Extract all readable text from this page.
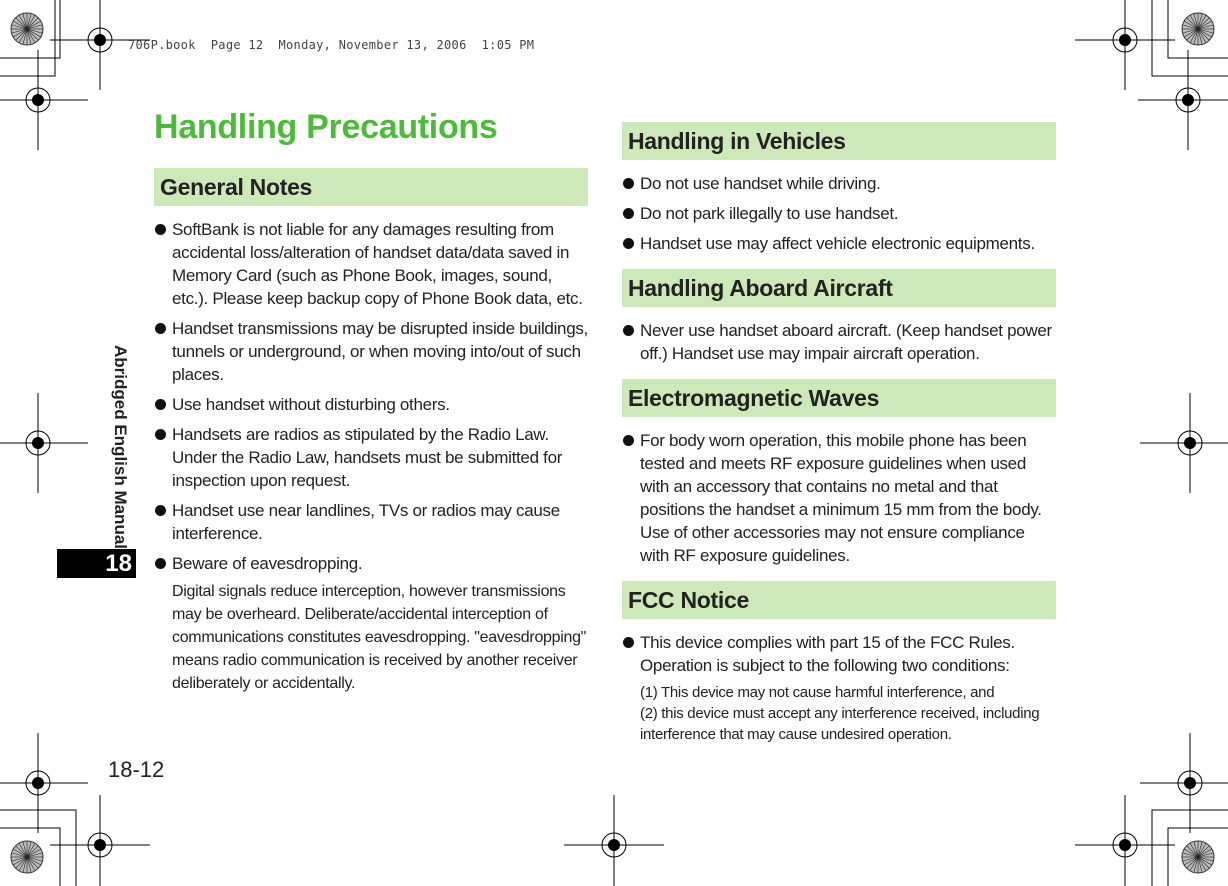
706P.book  Page 12  Monday, November 13, 2006  1:05 PM
Handling Precautions
Abridged English Manual
18
18-12
General Notes
SoftBank is not liable for any damages resulting from accidental loss/alteration of handset data/data saved in Memory Card (such as Phone Book, images, sound, etc.). Please keep backup copy of Phone Book data, etc.
Handset transmissions may be disrupted inside buildings, tunnels or underground, or when moving into/out of such places.
Use handset without disturbing others.
Handsets are radios as stipulated by the Radio Law. Under the Radio Law, handsets must be submitted for inspection upon request.
Handset use near landlines, TVs or radios may cause interference.
Beware of eavesdropping.
Digital signals reduce interception, however transmissions may be overheard. Deliberate/accidental interception of communications constitutes eavesdropping. "eavesdropping" means radio communication is received by another receiver deliberately or accidentally.
Handling in Vehicles
Do not use handset while driving.
Do not park illegally to use handset.
Handset use may affect vehicle electronic equipments.
Handling Aboard Aircraft
Never use handset aboard aircraft. (Keep handset power off.) Handset use may impair aircraft operation.
Electromagnetic Waves
For body worn operation, this mobile phone has been tested and meets RF exposure guidelines when used with an accessory that contains no metal and that positions the handset a minimum 15 mm from the body. Use of other accessories may not ensure compliance with RF exposure guidelines.
FCC Notice
This device complies with part 15 of the FCC Rules. Operation is subject to the following two conditions:
(1) This device may not cause harmful interference, and
(2) this device must accept any interference received, including interference that may cause undesired operation.
